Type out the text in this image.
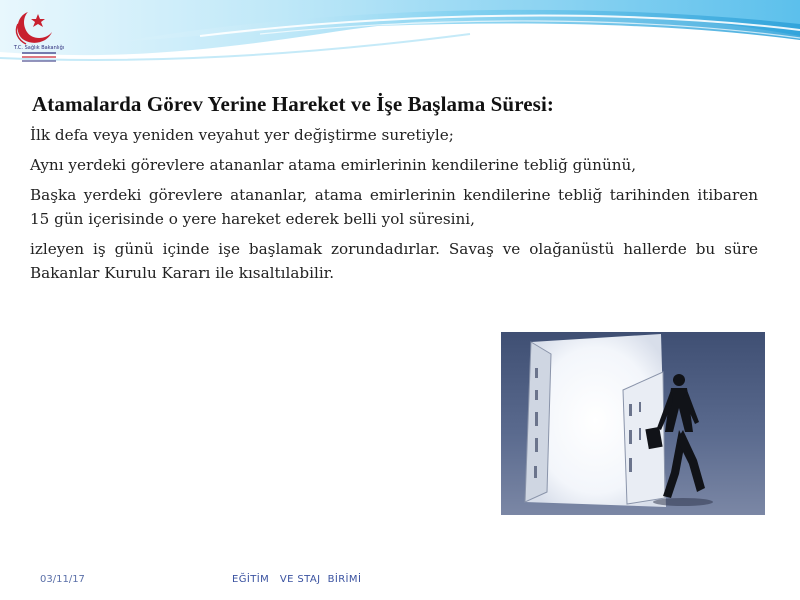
T.C. Sağlık Bakanlığı
Atamalarda Görev Yerine Hareket ve İşe Başlama Süresi:

İlk defa veya yeniden veyahut yer değiştirme suretiyle;

Aynı yerdeki görevlere atananlar atama emirlerinin kendilerine tebliğ gününü,

Başka yerdeki görevlere atananlar, atama emirlerinin kendilerine tebliğ tarihinden itibaren 15 gün içerisinde o yere hareket ederek belli yol süresini,

izleyen iş günü içinde işe başlamak zorundadırlar. Savaş ve olağanüstü hallerde bu süre Bakanlar Kurulu Kararı ile kısaltılabilir.

03/11/17	EĞİTİM   VE STAJ  BİRİMİ
